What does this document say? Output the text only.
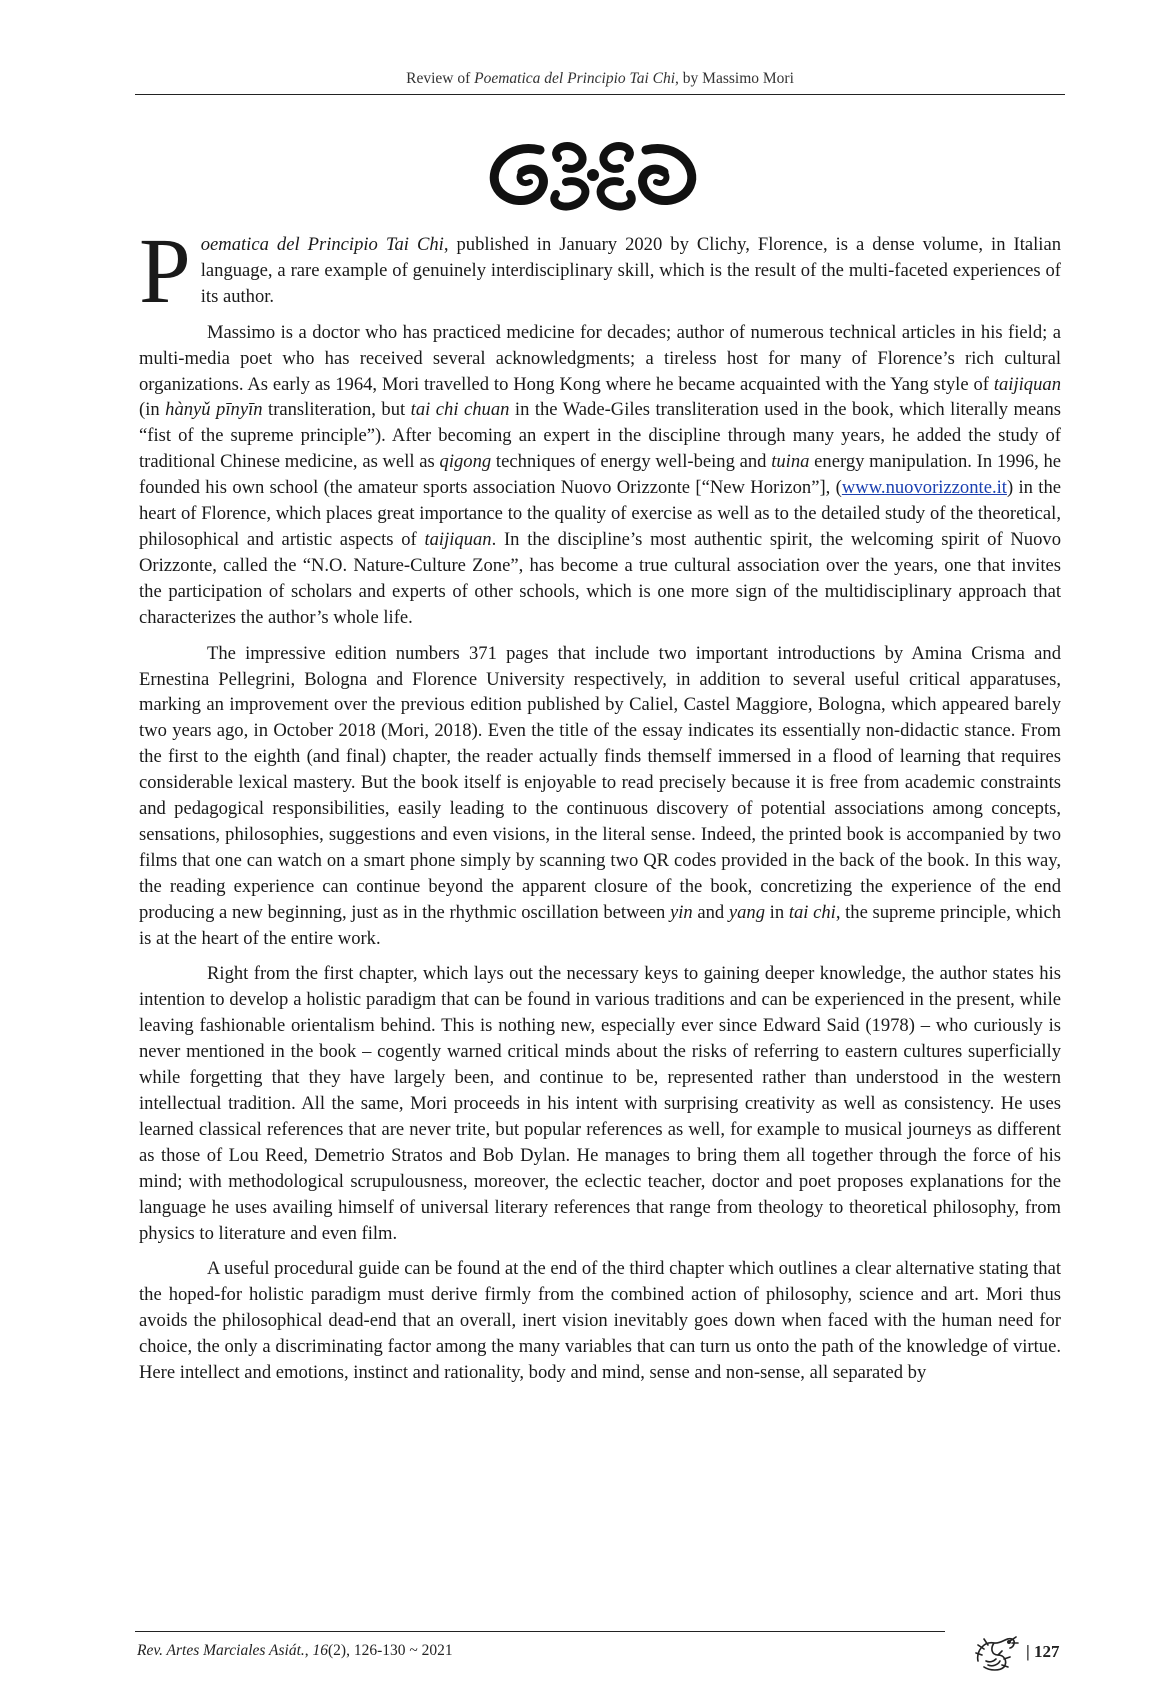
Review of Poematica del Principio Tai Chi, by Massimo Mori

Poematica del Principio Tai Chi, published in January 2020 by Clichy, Florence, is a dense volume, in Italian language, a rare example of genuinely interdisciplinary skill, which is the result of the multi-faceted experiences of its author.

Massimo is a doctor who has practiced medicine for decades; author of numerous technical articles in his field; a multi-media poet who has received several acknowledgments; a tireless host for many of Florence’s rich cultural organizations. As early as 1964, Mori travelled to Hong Kong where he became acquainted with the Yang style of taijiquan (in hànyǔ pīnyīn transliteration, but tai chi chuan in the Wade-Giles transliteration used in the book, which literally means “fist of the supreme principle”). After becoming an expert in the discipline through many years, he added the study of traditional Chinese medicine, as well as qigong techniques of energy well-being and tuina energy manipulation. In 1996, he founded his own school (the amateur sports association Nuovo Orizzonte [“New Horizon”], (www.nuovorizzonte.it) in the heart of Florence, which places great importance to the quality of exercise as well as to the detailed study of the theoretical, philosophical and artistic aspects of taijiquan. In the discipline’s most authentic spirit, the welcoming spirit of Nuovo Orizzonte, called the “N.O. Nature-Culture Zone”, has become a true cultural association over the years, one that invites the participation of scholars and experts of other schools, which is one more sign of the multidisciplinary approach that characterizes the author’s whole life.

The impressive edition numbers 371 pages that include two important introductions by Amina Crisma and Ernestina Pellegrini, Bologna and Florence University respectively, in addition to several useful critical apparatuses, marking an improvement over the previous edition published by Caliel, Castel Maggiore, Bologna, which appeared barely two years ago, in October 2018 (Mori, 2018). Even the title of the essay indicates its essentially non-didactic stance. From the first to the eighth (and final) chapter, the reader actually finds themself immersed in a flood of learning that requires considerable lexical mastery. But the book itself is enjoyable to read precisely because it is free from academic constraints and pedagogical responsibilities, easily leading to the continuous discovery of potential associations among concepts, sensations, philosophies, suggestions and even visions, in the literal sense. Indeed, the printed book is accompanied by two films that one can watch on a smart phone simply by scanning two QR codes provided in the back of the book. In this way, the reading experience can continue beyond the apparent closure of the book, concretizing the experience of the end producing a new beginning, just as in the rhythmic oscillation between yin and yang in tai chi, the supreme principle, which is at the heart of the entire work.

Right from the first chapter, which lays out the necessary keys to gaining deeper knowledge, the author states his intention to develop a holistic paradigm that can be found in various traditions and can be experienced in the present, while leaving fashionable orientalism behind. This is nothing new, especially ever since Edward Said (1978) – who curiously is never mentioned in the book – cogently warned critical minds about the risks of referring to eastern cultures superficially while forgetting that they have largely been, and continue to be, represented rather than understood in the western intellectual tradition. All the same, Mori proceeds in his intent with surprising creativity as well as consistency. He uses learned classical references that are never trite, but popular references as well, for example to musical journeys as different as those of Lou Reed, Demetrio Stratos and Bob Dylan. He manages to bring them all together through the force of his mind; with methodological scrupulousness, moreover, the eclectic teacher, doctor and poet proposes explanations for the language he uses availing himself of universal literary references that range from theology to theoretical philosophy, from physics to literature and even film.

A useful procedural guide can be found at the end of the third chapter which outlines a clear alternative stating that the hoped-for holistic paradigm must derive firmly from the combined action of philosophy, science and art. Mori thus avoids the philosophical dead-end that an overall, inert vision inevitably goes down when faced with the human need for choice, the only a discriminating factor among the many variables that can turn us onto the path of the knowledge of virtue. Here intellect and emotions, instinct and rationality, body and mind, sense and non-sense, all separated by

Rev. Artes Marciales Asiát., 16(2), 126-130 ~ 2021	| 127
